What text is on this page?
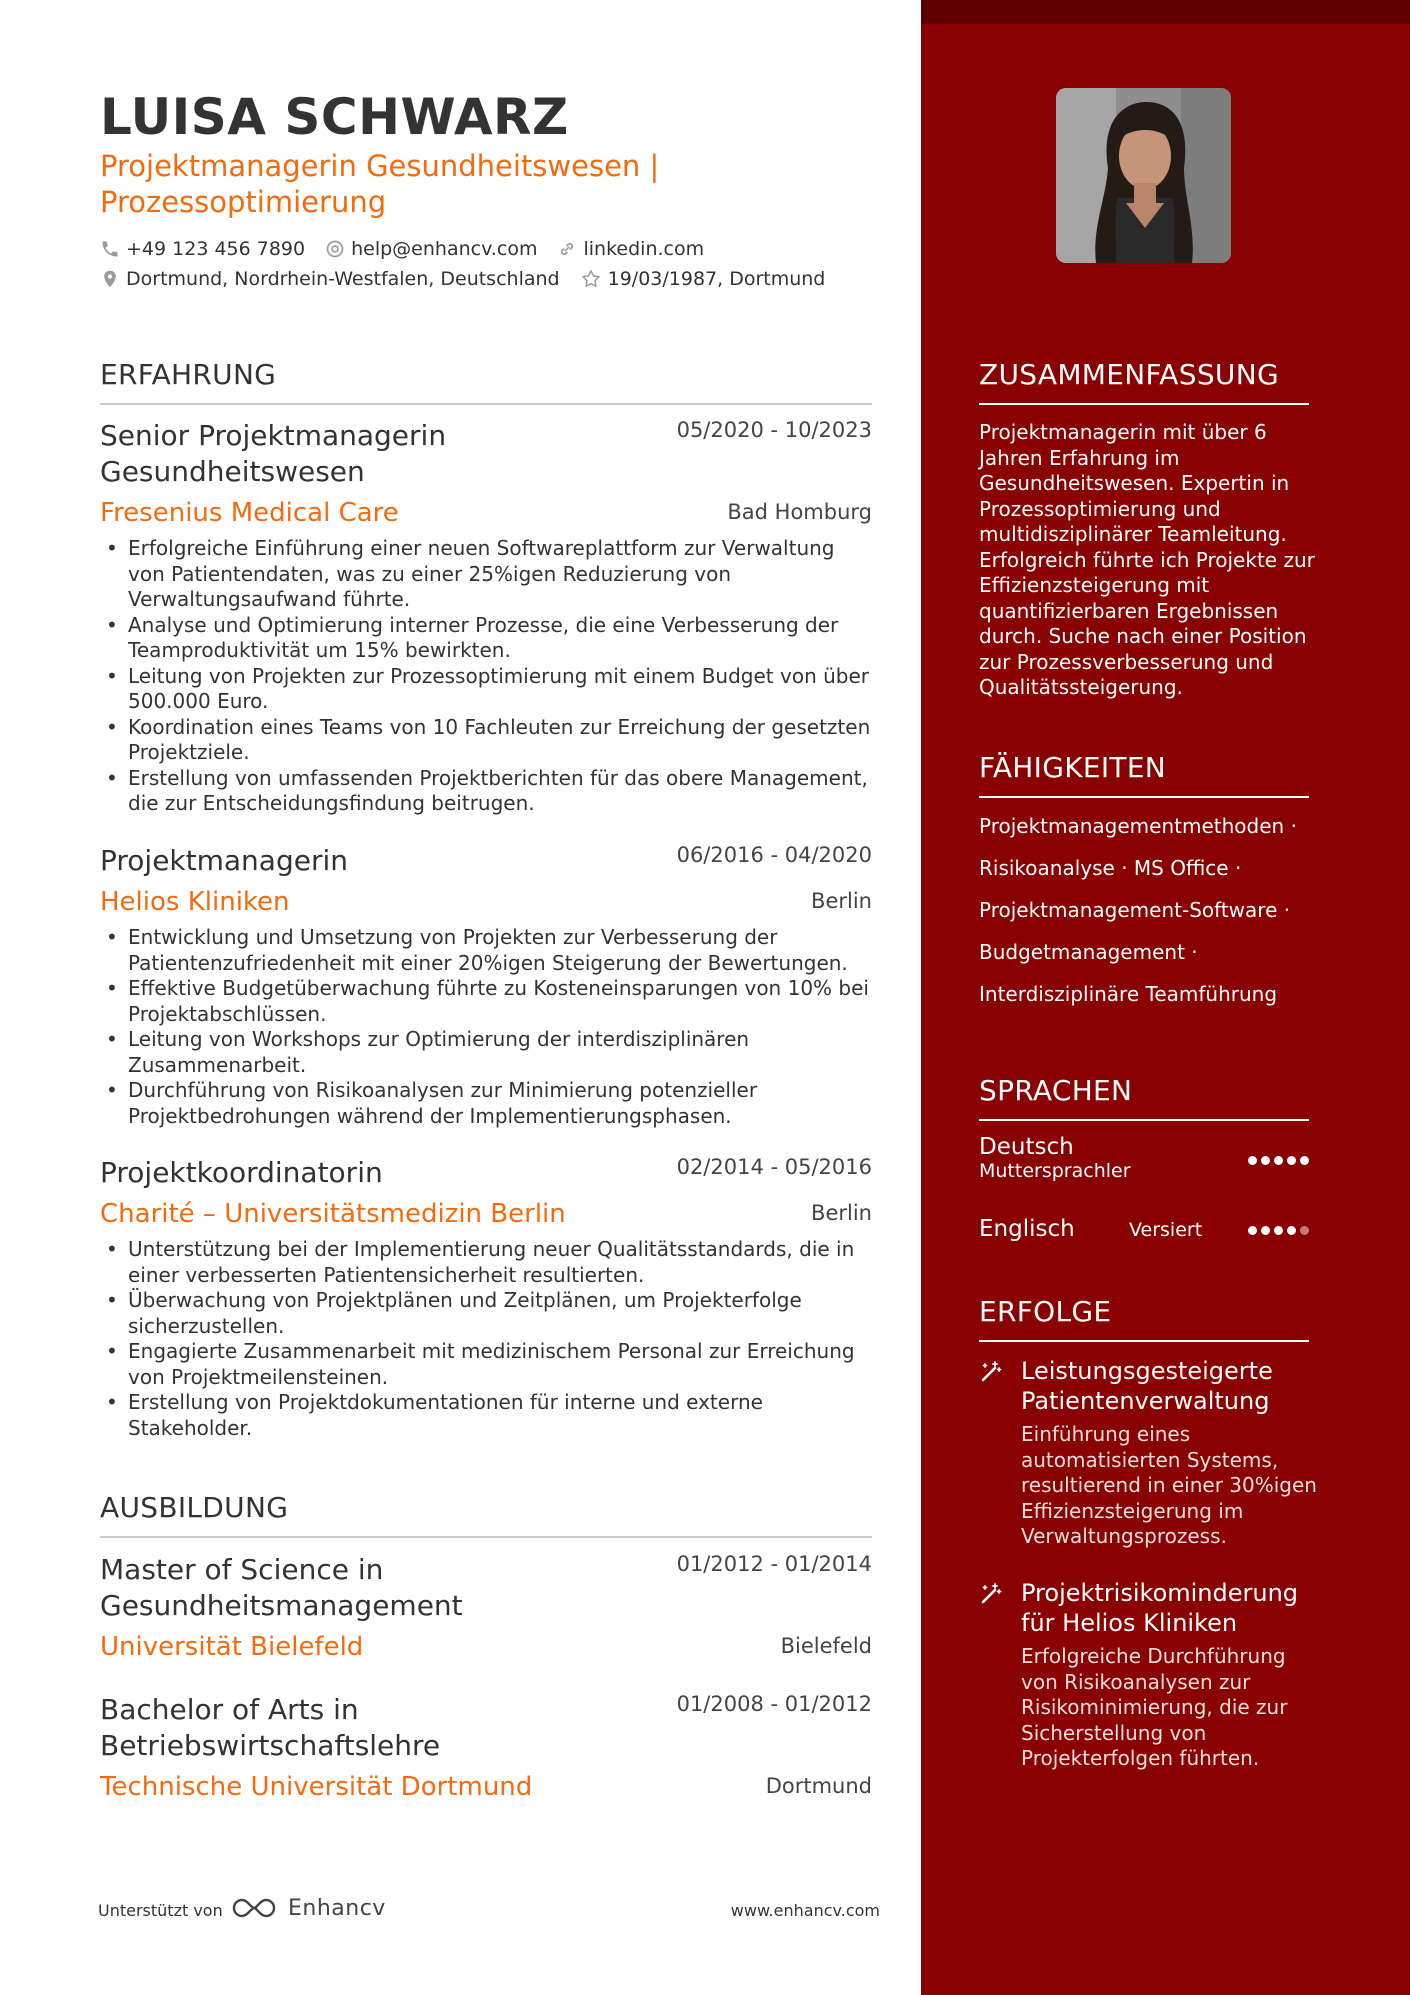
LUISA SCHWARZ
Projektmanagerin Gesundheitswesen | Prozessoptimierung
+49 123 456 7890 help@enhancv.com linkedin.com
Dortmund, Nordrhein-Westfalen, Deutschland	19/03/1987, Dortmund
ERFAHRUNG
Senior Projektmanagerin Gesundheitswesen
05/2020 - 10/2023
Fresenius Medical Care	Bad Homburg
• Erfolgreiche Einführung einer neuen Softwareplattform zur Verwaltung von Patientendaten, was zu einer 25%igen Reduzierung von Verwaltungsaufwand führte.
• Analyse und Optimierung interner Prozesse, die eine Verbesserung der Teamproduktivität um 15% bewirkten.
• Leitung von Projekten zur Prozessoptimierung mit einem Budget von über 500.000 Euro.
• Koordination eines Teams von 10 Fachleuten zur Erreichung der gesetzten Projektziele.
• Erstellung von umfassenden Projektberichten für das obere Management, die zur Entscheidungsfindung beitrugen.
Projektmanagerin	06/2016 - 04/2020
Helios Kliniken	Berlin
• Entwicklung und Umsetzung von Projekten zur Verbesserung der Patientenzufriedenheit mit einer 20%igen Steigerung der Bewertungen.
• Effektive Budgetüberwachung führte zu Kosteneinsparungen von 10% bei Projektabschlüssen.
• Leitung von Workshops zur Optimierung der interdisziplinären Zusammenarbeit.
• Durchführung von Risikoanalysen zur Minimierung potenzieller Projektbedrohungen während der Implementierungsphasen.
Projektkoordinatorin	02/2014 - 05/2016
Charité – Universitätsmedizin Berlin	Berlin
• Unterstützung bei der Implementierung neuer Qualitätsstandards, die in einer verbesserten Patientensicherheit resultierten.
• Überwachung von Projektplänen und Zeitplänen, um Projekterfolge sicherzustellen.
• Engagierte Zusammenarbeit mit medizinischem Personal zur Erreichung von Projektmeilensteinen.
• Erstellung von Projektdokumentationen für interne und externe Stakeholder.
AUSBILDUNG
Master of Science in Gesundheitsmanagement
01/2012 - 01/2014
Universität Bielefeld	Bielefeld
Bachelor of Arts in Betriebswirtschaftslehre
01/2008 - 01/2012
Technische Universität Dortmund	Dortmund
Unterstützt von	Enhancv	www.enhancv.com
ZUSAMMENFASSUNG
Projektmanagerin mit über 6 Jahren Erfahrung im Gesundheitswesen. Expertin in Prozessoptimierung und multidisziplinärer Teamleitung. Erfolgreich führte ich Projekte zur Effizienzsteigerung mit quantifizierbaren Ergebnissen durch. Suche nach einer Position zur Prozessverbesserung und Qualitätssteigerung.
FÄHIGKEITEN
Projektmanagementmethoden ·
Risikoanalyse · MS Office ·
Projektmanagement-Software ·
Budgetmanagement ·
Interdisziplinäre Teamführung
SPRACHEN
Deutsch
Muttersprachler
Englisch	Versiert
ERFOLGE
Leistungsgesteigerte Patientenverwaltung
Einführung eines automatisierten Systems, resultierend in einer 30%igen Effizienzsteigerung im Verwaltungsprozess.
Projektrisikominderung für Helios Kliniken
Erfolgreiche Durchführung von Risikoanalysen zur Risikominimierung, die zur Sicherstellung von Projekterfolgen führten.
